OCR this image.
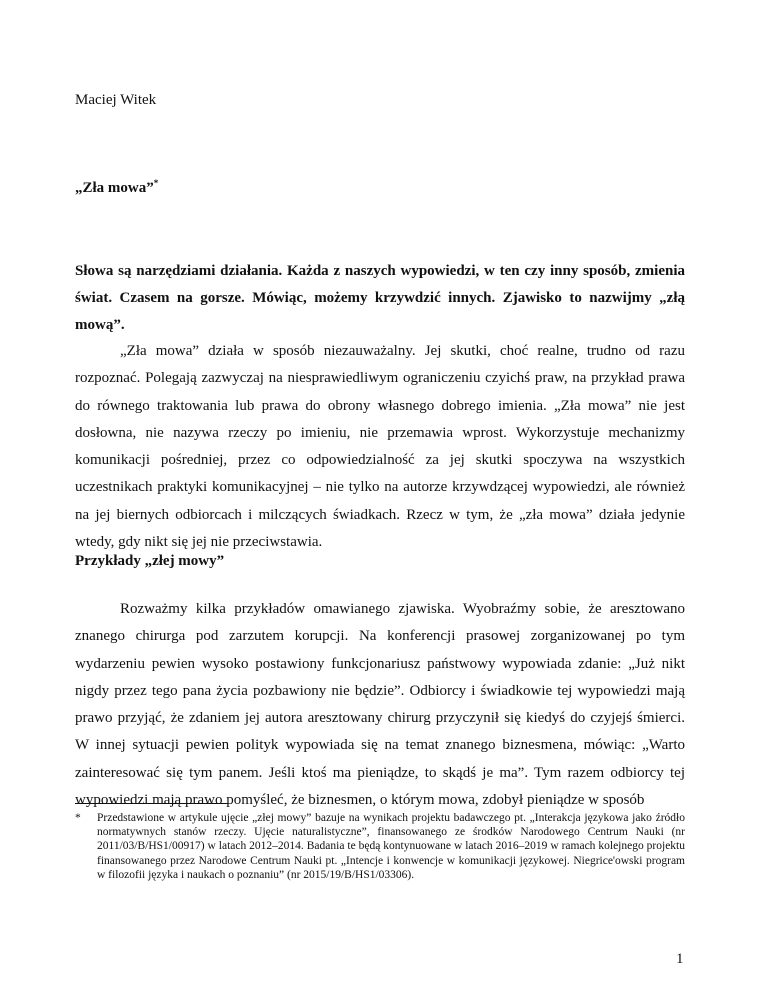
Maciej Witek
„Zła mowa”*

Słowa są narzędziami działania. Każda z naszych wypowiedzi, w ten czy inny sposób, zmienia świat. Czasem na gorsze. Mówiąc, możemy krzywdzić innych. Zjawisko to nazwijmy „złą mową”.

„Zła mowa” działa w sposób niezauważalny. Jej skutki, choć realne, trudno od razu rozpoznać. Polegają zazwyczaj na niesprawiedliwym ograniczeniu czyichś praw, na przykład prawa do równego traktowania lub prawa do obrony własnego dobrego imienia. „Zła mowa” nie jest dosłowna, nie nazywa rzeczy po imieniu, nie przemawia wprost. Wykorzystuje mechanizmy komunikacji pośredniej, przez co odpowiedzialność za jej skutki spoczywa na wszystkich uczestnikach praktyki komunikacyjnej – nie tylko na autorze krzywdzącej wypowiedzi, ale również na jej biernych odbiorcach i milczących świadkach. Rzecz w tym, że „zła mowa” działa jedynie wtedy, gdy nikt się jej nie przeciwstawia.

Przykłady „złej mowy”

Rozważmy kilka przykładów omawianego zjawiska. Wyobraźmy sobie, że aresztowano znanego chirurga pod zarzutem korupcji. Na konferencji prasowej zorganizowanej po tym wydarzeniu pewien wysoko postawiony funkcjonariusz państwowy wypowiada zdanie: „Już nikt nigdy przez tego pana życia pozbawiony nie będzie”. Odbiorcy i świadkowie tej wypowiedzi mają prawo przyjąć, że zdaniem jej autora aresztowany chirurg przyczynił się kiedyś do czyjejś śmierci. W innej sytuacji pewien polityk wypowiada się na temat znanego biznesmena, mówiąc: „Warto zainteresować się tym panem. Jeśli ktoś ma pieniądze, to skądś je ma”. Tym razem odbiorcy tej wypowiedzi mają prawo pomyśleć, że biznesmen, o którym mowa, zdobył pieniądze w sposób

* Przedstawione w artykule ujęcie „złej mowy” bazuje na wynikach projektu badawczego pt. „Interakcja językowa jako źródło normatywnych stanów rzeczy. Ujęcie naturalistyczne”, finansowanego ze środków Narodowego Centrum Nauki (nr 2011/03/B/HS1/00917) w latach 2012–2014. Badania te będą kontynuowane w latach 2016–2019 w ramach kolejnego projektu finansowanego przez Narodowe Centrum Nauki pt. „Intencje i konwencje w komunikacji językowej. Niegrice'owski program w filozofii języka i naukach o poznaniu” (nr 2015/19/B/HS1/03306).

1
